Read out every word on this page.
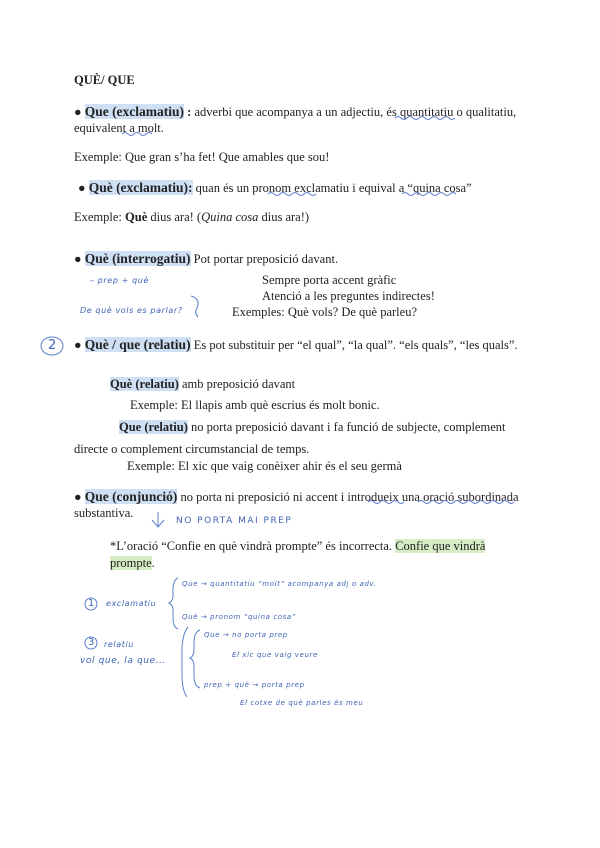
QUÈ/ QUE
● Que (exclamatiu) : adverbi que acompanya a un adjectiu, és quantitatiu o qualitatiu,
equivalent a molt.
Exemple: Que gran s’ha fet! Que amables que sou!
● Què (exclamatiu): quan és un pronom exclamatiu i equival a “quina cosa”
Exemple: Què dius ara! (Quina cosa dius ara!)
● Què (interrogatiu) Pot portar preposició davant.
Sempre porta accent gràfic
Atenció a les preguntes indirectes!
Exemples: Què vols? De què parleu?
– prep + què
De què vols es parlar?
2 ● Què / que (relatiu) Es pot substituir per “el qual”, “la qual”. “els quals”, “les quals”.
Què (relatiu) amb preposició davant
Exemple: El llapis amb què escrius és molt bonic.
Que (relatiu) no porta preposició davant i fa funció de subjecte, complement
directe o complement circumstancial de temps.
Exemple: El xic que vaig conèixer ahir és el seu germà
● Que (conjunció) no porta ni preposició ni accent i introdueix una oració subordinada
substantiva.
NO PORTA MAI PREP
*L’oració “Confie en què vindrà prompte” és incorrecta. Confie que vindrà
prompte.
1 exclamatiu
Que → quantitatiu “molt” acompanya adj o adv.
Què → pronom “quina cosa”
3 relatiu
vol que, la que...
Que → no porta prep
El xic que vaig veure
prep + què → porta prep
El cotxe de què parles és meu
